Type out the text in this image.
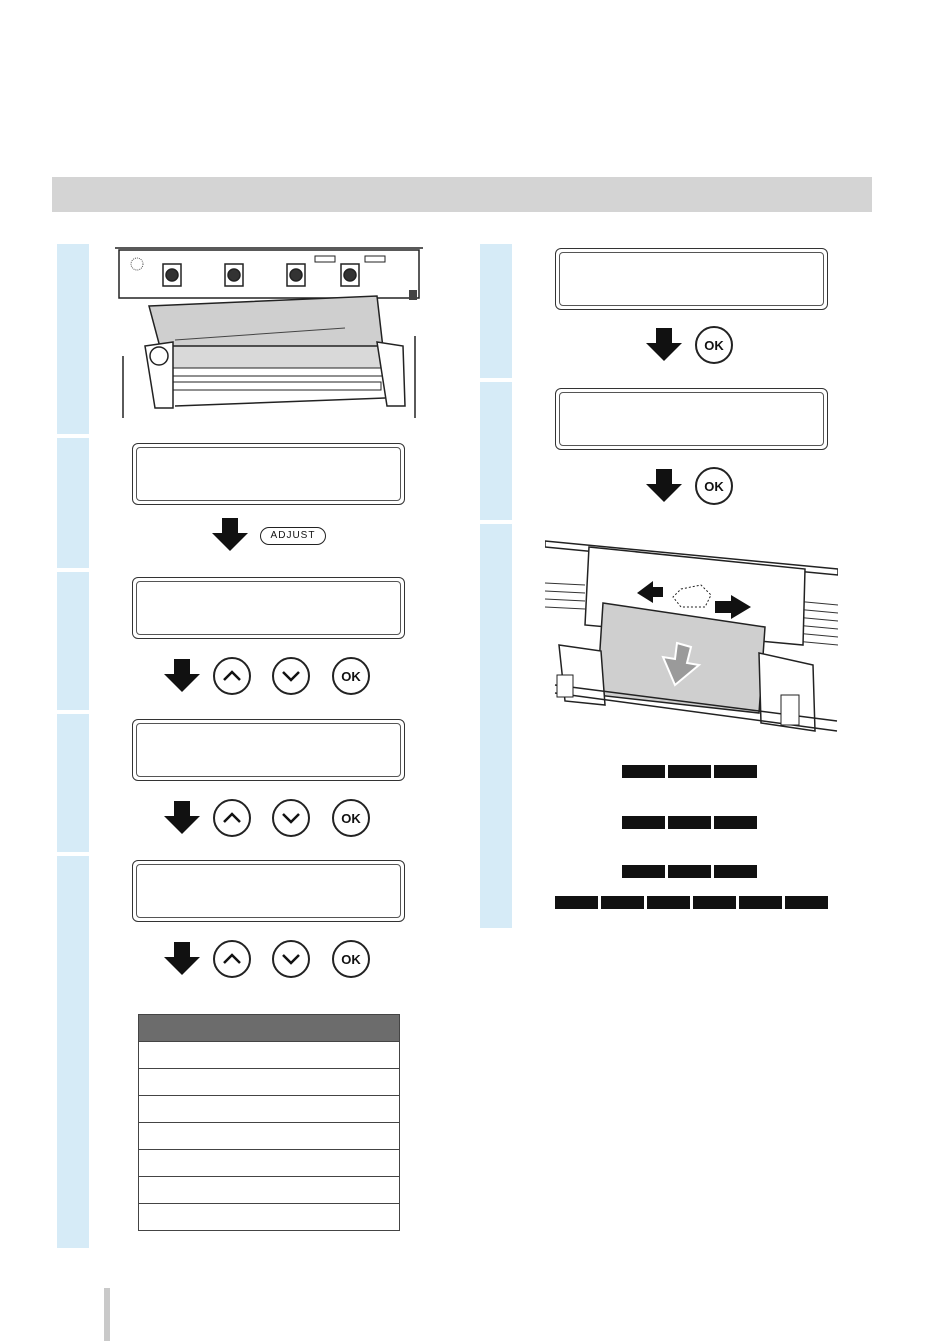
ADJUST
OK
OK
OK

OK
OK
